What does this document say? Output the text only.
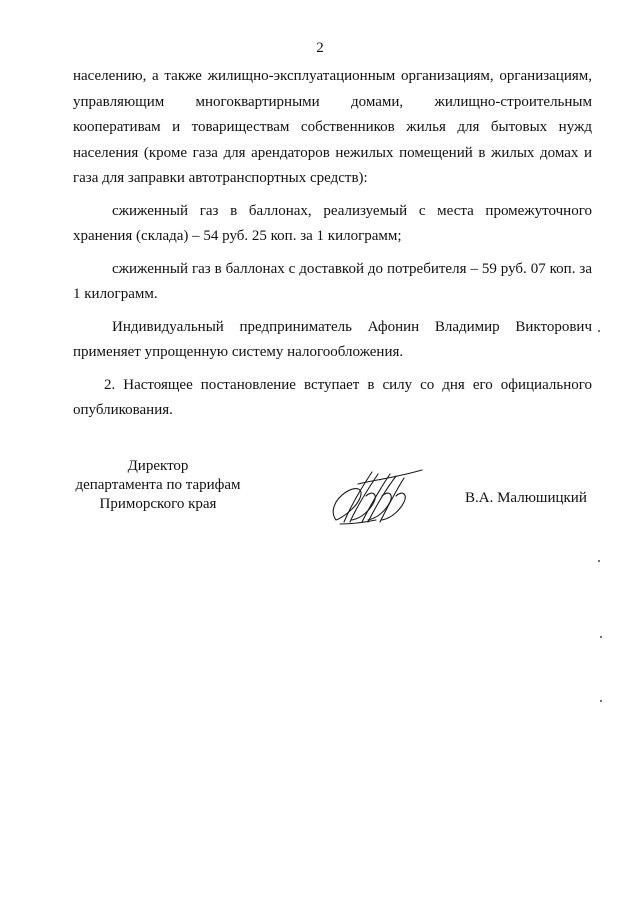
2

населению, а также жилищно-эксплуатационным организациям, организациям, управляющим многоквартирными домами, жилищно-строительным кооперативам и товариществам собственников жилья для бытовых нужд населения (кроме газа для арендаторов нежилых помещений в жилых домах и газа для заправки автотранспортных средств):

сжиженный газ в баллонах, реализуемый с места промежуточного хранения (склада) – 54 руб. 25 коп. за 1 килограмм;

сжиженный газ в баллонах с доставкой до потребителя – 59 руб. 07 коп. за 1 килограмм.

Индивидуальный предприниматель Афонин Владимир Викторович применяет упрощенную систему налогообложения.

2. Настоящее постановление вступает в силу со дня его официального опубликования.

Директор
департамента по тарифам
Приморского края	В.А. Малюшицкий
